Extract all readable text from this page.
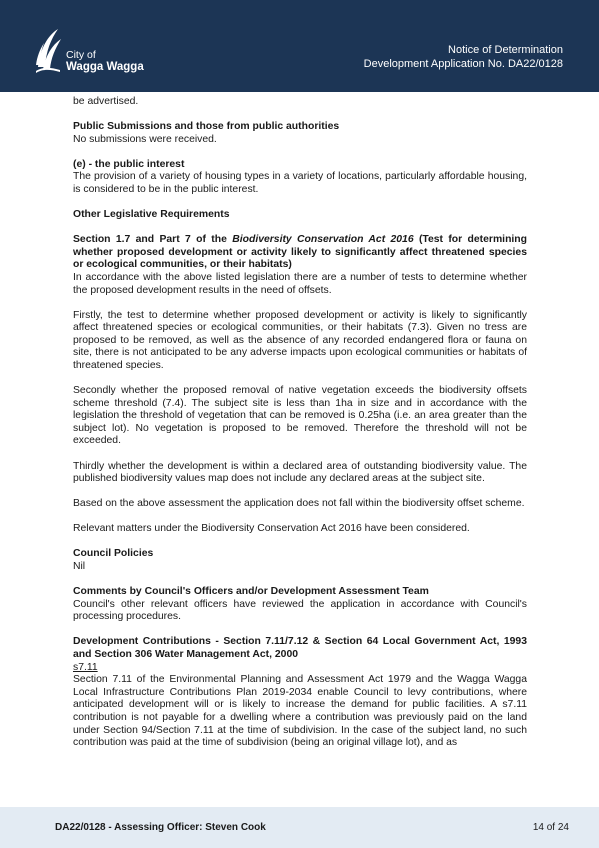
City of
Wagga Wagga
Notice of Determination
Development Application No. DA22/0128

be advertised.

Public Submissions and those from public authorities

No submissions were received.

(e) - the public interest

The provision of a variety of housing types in a variety of locations, particularly affordable housing, is considered to be in the public interest.

Other Legislative Requirements

Section 1.7 and Part 7 of the Biodiversity Conservation Act 2016 (Test for determining whether proposed development or activity likely to significantly affect threatened species or ecological communities, or their habitats)

In accordance with the above listed legislation there are a number of tests to determine whether the proposed development results in the need of offsets.

Firstly, the test to determine whether proposed development or activity is likely to significantly affect threatened species or ecological communities, or their habitats (7.3). Given no tress are proposed to be removed, as well as the absence of any recorded endangered flora or fauna on site, there is not anticipated to be any adverse impacts upon ecological communities or habitats of threatened species.

Secondly whether the proposed removal of native vegetation exceeds the biodiversity offsets scheme threshold (7.4). The subject site is less than 1ha in size and in accordance with the legislation the threshold of vegetation that can be removed is 0.25ha (i.e. an area greater than the subject lot). No vegetation is proposed to be removed. Therefore the threshold will not be exceeded.

Thirdly whether the development is within a declared area of outstanding biodiversity value. The published biodiversity values map does not include any declared areas at the subject site.

Based on the above assessment the application does not fall within the biodiversity offset scheme.

Relevant matters under the Biodiversity Conservation Act 2016 have been considered.

Council Policies

Nil

Comments by Council's Officers and/or Development Assessment Team

Council's other relevant officers have reviewed the application in accordance with Council's processing procedures.

Development Contributions - Section 7.11/7.12 & Section 64 Local Government Act, 1993 and Section 306 Water Management Act, 2000

s7.11

Section 7.11 of the Environmental Planning and Assessment Act 1979 and the Wagga Wagga Local Infrastructure Contributions Plan 2019-2034 enable Council to levy contributions, where anticipated development will or is likely to increase the demand for public facilities. A s7.11 contribution is not payable for a dwelling where a contribution was previously paid on the land under Section 94/Section 7.11 at the time of subdivision. In the case of the subject land, no such contribution was paid at the time of subdivision (being an original village lot), and as

DA22/0128 - Assessing Officer: Steven Cook	14 of 24
